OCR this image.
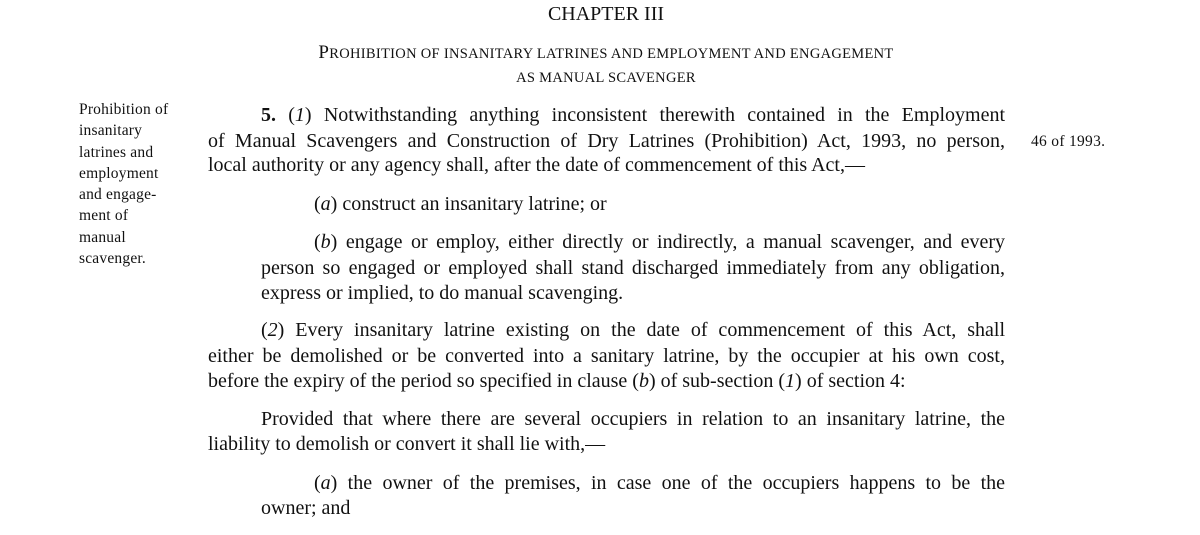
CHAPTER III
PROHIBITION OF INSANITARY LATRINES AND EMPLOYMENT AND ENGAGEMENT
AS MANUAL SCAVENGER
Prohibition of
insanitary
latrines and
employment
and engage-
ment of
manual
scavenger.
46 of 1993.
5. (1) Notwithstanding anything inconsistent therewith contained in the Employment
of Manual Scavengers and Construction of Dry Latrines (Prohibition) Act, 1993, no person,
local authority or any agency shall, after the date of commencement of this Act,—
(a) construct an insanitary latrine; or
(b) engage or employ, either directly or indirectly, a manual scavenger, and every
person so engaged or employed shall stand discharged immediately from any obligation,
express or implied, to do manual scavenging.
(2) Every insanitary latrine existing on the date of commencement of this Act, shall
either be demolished or be converted into a sanitary latrine, by the occupier at his own cost,
before the expiry of the period so specified in clause (b) of sub-section (1) of section 4:
Provided that where there are several occupiers in relation to an insanitary latrine, the
liability to demolish or convert it shall lie with,—
(a) the owner of the premises, in case one of the occupiers happens to be the
owner; and
